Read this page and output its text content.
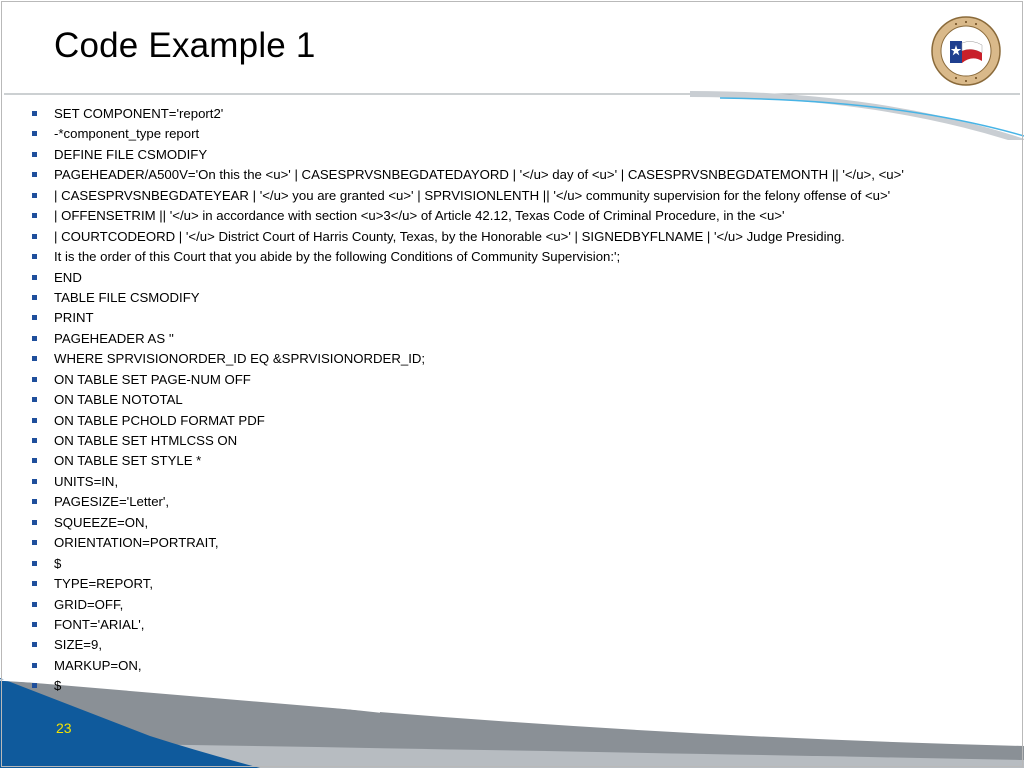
Code Example 1
SET COMPONENT='report2'
-*component_type report
DEFINE FILE CSMODIFY
PAGEHEADER/A500V='On this the <u>' | CASESPRVSNBEGDATEDAYORD | '</u> day of <u>' | CASESPRVSNBEGDATEMONTH || '</u>, <u>'
| CASESPRVSNBEGDATEYEAR | '</u> you are granted <u>' | SPRVISIONLENTH || '</u> community supervision for the felony offense of <u>'
| OFFENSETRIM || '</u> in accordance with section <u>3</u> of Article 42.12, Texas Code of Criminal Procedure, in the <u>'
| COURTCODEORD | '</u> District Court of Harris County, Texas, by the Honorable <u>' | SIGNEDBYFLNAME | '</u> Judge Presiding.
It is the order of this Court that you abide by the following Conditions of Community Supervision:';
END
TABLE FILE CSMODIFY
PRINT
PAGEHEADER AS ''
WHERE SPRVISIONORDER_ID EQ &SPRVISIONORDER_ID;
ON TABLE SET PAGE-NUM OFF
ON TABLE NOTOTAL
ON TABLE PCHOLD FORMAT PDF
ON TABLE SET HTMLCSS ON
ON TABLE SET STYLE *
UNITS=IN,
PAGESIZE='Letter',
SQUEEZE=ON,
ORIENTATION=PORTRAIT,
$
TYPE=REPORT,
GRID=OFF,
FONT='ARIAL',
SIZE=9,
MARKUP=ON,
$
23
